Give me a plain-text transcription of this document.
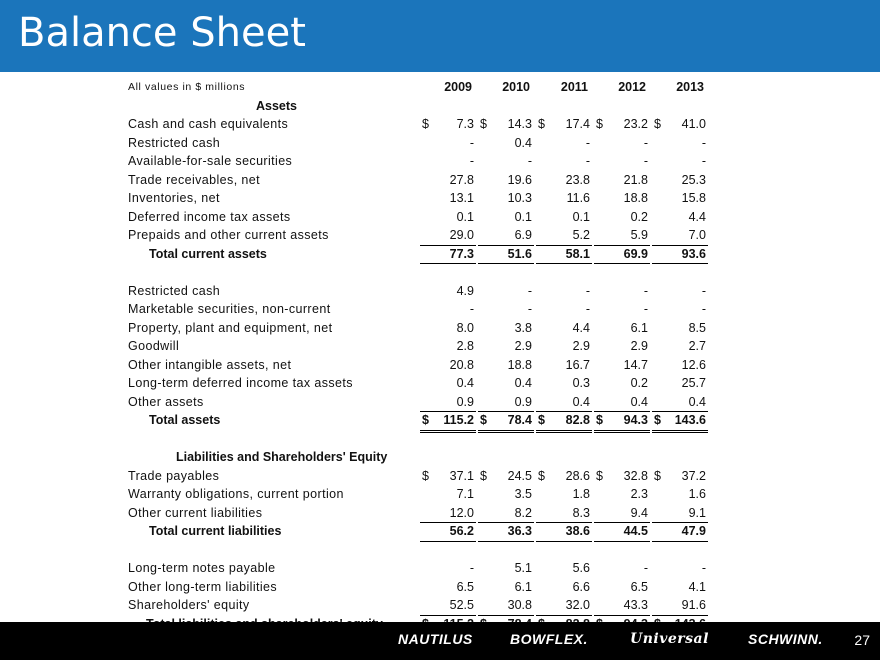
Balance Sheet
All values in $ millions	2009	2010	2011	2012	2013
Assets
Cash and cash equivalents	$ 7.3 $ 14.3 $ 17.4 $ 23.2 $ 41.0
Restricted cash	-	0.4	-	-	-
Available-for-sale securities	-	-	-	-	-
Trade receivables, net	27.8	19.6	23.8	21.8	25.3
Inventories, net	13.1	10.3	11.6	18.8	15.8
Deferred income tax assets	0.1	0.1	0.1	0.2	4.4
Prepaids and other current assets	29.0	6.9	5.2	5.9	7.0
Total current assets	77.3	51.6	58.1	69.9	93.6
Restricted cash	4.9	-	-	-	-
Marketable securities, non-current	-	-	-	-	-
Property, plant and equipment, net	8.0	3.8	4.4	6.1	8.5
Goodwill	2.8	2.9	2.9	2.9	2.7
Other intangible assets, net	20.8	18.8	16.7	14.7	12.6
Long-term deferred income tax assets	0.4	0.4	0.3	0.2	25.7
Other assets	0.9	0.9	0.4	0.4	0.4
Total assets	$ 115.2 $ 78.4 $ 82.8 $ 94.3 $ 143.6
Liabilities and Shareholders' Equity
Trade payables	$ 37.1 $ 24.5 $ 28.6 $ 32.8 $ 37.2
Warranty obligations, current portion	7.1	3.5	1.8	2.3	1.6
Other current liabilities	12.0	8.2	8.3	9.4	9.1
Total current liabilities	56.2	36.3	38.6	44.5	47.9
Long-term notes payable	-	5.1	5.6	-	-
Other long-term liabilities	6.5	6.1	6.6	6.5	4.1
Shareholders' equity	52.5	30.8	32.0	43.3	91.6
NAUTILUS	BOWFLEX.	Universal	SCHWINN. 27
